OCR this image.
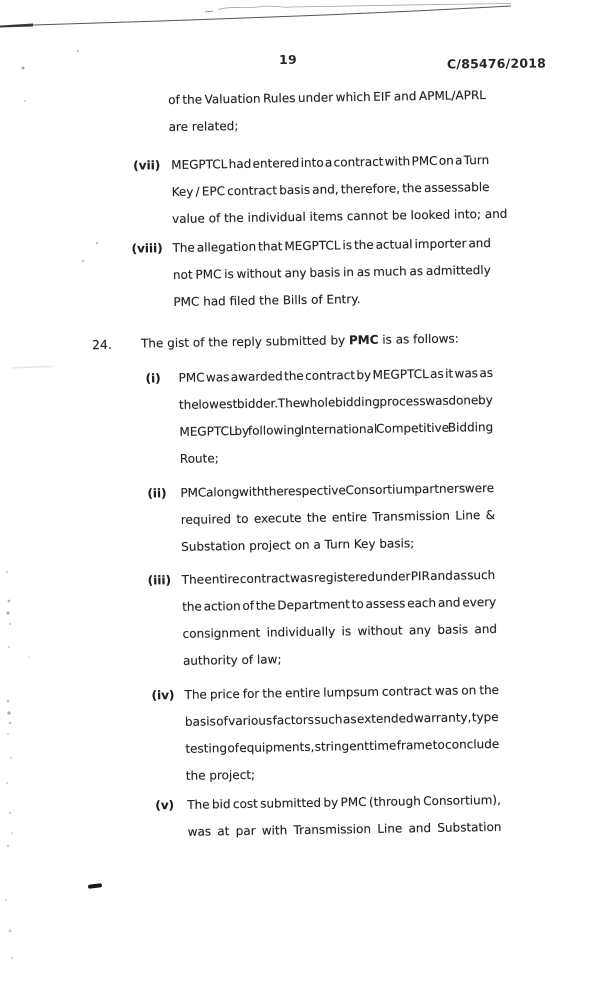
19	C/85476/2018
of the Valuation Rules under which EIF and APML/APRL
are related;
(vii) MEGPTCL had entered into a contract with PMC on a Turn
Key / EPC contract basis and, therefore, the assessable
value of the individual items cannot be looked into; and
(viii) The allegation that MEGPTCL is the actual importer and
not PMC is without any basis in as much as admittedly
PMC had filed the Bills of Entry.
24. The gist of the reply submitted by PMC is as follows:
(i) PMC was awarded the contract by MEGPTCL as it was as
the lowest bidder. The whole bidding process was done by
MEGPTCL by following International Competitive Bidding
Route;
(ii) PMC along with the respective Consortium partners were
required to execute the entire Transmission Line &
Substation project on a Turn Key basis;
(iii) The entire contract was registered under PIR and as such
the action of the Department to assess each and every
consignment individually is without any basis and
authority of law;
(iv) The price for the entire lumpsum contract was on the
basis of various factors such as extended warranty, type
testing of equipments, stringent time frame to conclude
the project;
(v) The bid cost submitted by PMC (through Consortium),
was at par with Transmission Line and Substation
